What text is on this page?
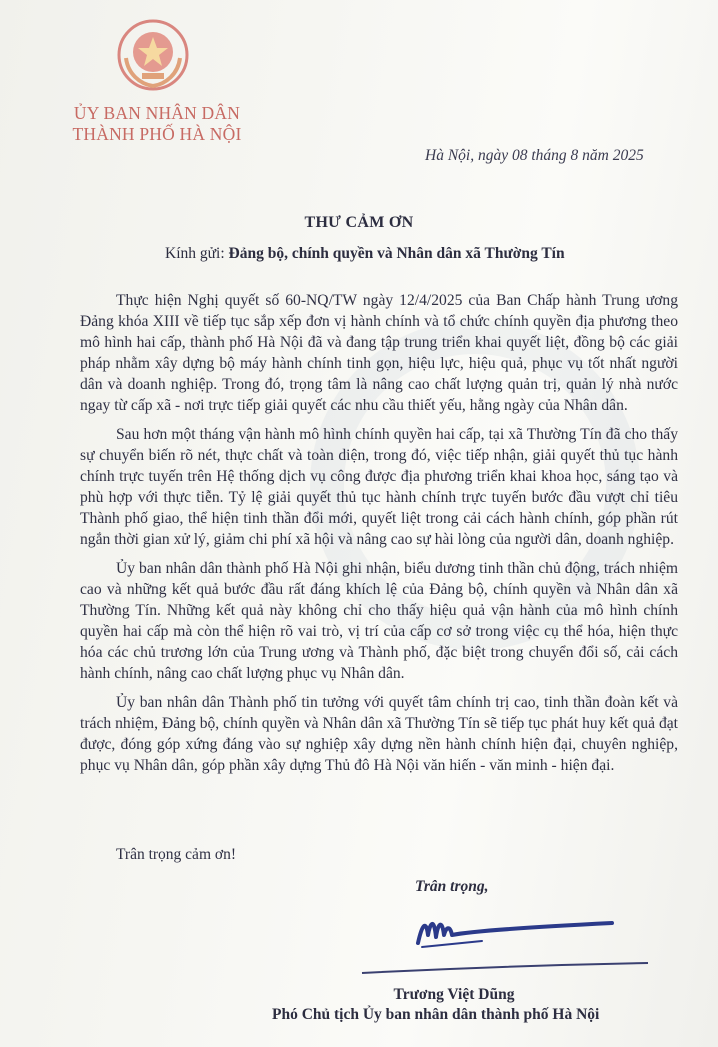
ỦY BAN NHÂN DÂN
THÀNH PHỐ HÀ NỘI
Hà Nội, ngày 08 tháng 8 năm 2025
THƯ CẢM ƠN
Kính gửi: Đảng bộ, chính quyền và Nhân dân xã Thường Tín

Thực hiện Nghị quyết số 60-NQ/TW ngày 12/4/2025 của Ban Chấp hành Trung ương Đảng khóa XIII về tiếp tục sắp xếp đơn vị hành chính và tổ chức chính quyền địa phương theo mô hình hai cấp, thành phố Hà Nội đã và đang tập trung triển khai quyết liệt, đồng bộ các giải pháp nhằm xây dựng bộ máy hành chính tinh gọn, hiệu lực, hiệu quả, phục vụ tốt nhất người dân và doanh nghiệp. Trong đó, trọng tâm là nâng cao chất lượng quản trị, quản lý nhà nước ngay từ cấp xã - nơi trực tiếp giải quyết các nhu cầu thiết yếu, hằng ngày của Nhân dân.

Sau hơn một tháng vận hành mô hình chính quyền hai cấp, tại xã Thường Tín đã cho thấy sự chuyển biến rõ nét, thực chất và toàn diện, trong đó, việc tiếp nhận, giải quyết thủ tục hành chính trực tuyến trên Hệ thống dịch vụ công được địa phương triển khai khoa học, sáng tạo và phù hợp với thực tiễn. Tỷ lệ giải quyết thủ tục hành chính trực tuyến bước đầu vượt chỉ tiêu Thành phố giao, thể hiện tinh thần đổi mới, quyết liệt trong cải cách hành chính, góp phần rút ngắn thời gian xử lý, giảm chi phí xã hội và nâng cao sự hài lòng của người dân, doanh nghiệp.

Ủy ban nhân dân thành phố Hà Nội ghi nhận, biểu dương tinh thần chủ động, trách nhiệm cao và những kết quả bước đầu rất đáng khích lệ của Đảng bộ, chính quyền và Nhân dân xã Thường Tín. Những kết quả này không chỉ cho thấy hiệu quả vận hành của mô hình chính quyền hai cấp mà còn thể hiện rõ vai trò, vị trí của cấp cơ sở trong việc cụ thể hóa, hiện thực hóa các chủ trương lớn của Trung ương và Thành phố, đặc biệt trong chuyển đổi số, cải cách hành chính, nâng cao chất lượng phục vụ Nhân dân.

Ủy ban nhân dân Thành phố tin tưởng với quyết tâm chính trị cao, tinh thần đoàn kết và trách nhiệm, Đảng bộ, chính quyền và Nhân dân xã Thường Tín sẽ tiếp tục phát huy kết quả đạt được, đóng góp xứng đáng vào sự nghiệp xây dựng nền hành chính hiện đại, chuyên nghiệp, phục vụ Nhân dân, góp phần xây dựng Thủ đô Hà Nội văn hiến - văn minh - hiện đại.

Trân trọng cảm ơn!
Trân trọng,
Trương Việt Dũng
Phó Chủ tịch Ủy ban nhân dân thành phố Hà Nội
